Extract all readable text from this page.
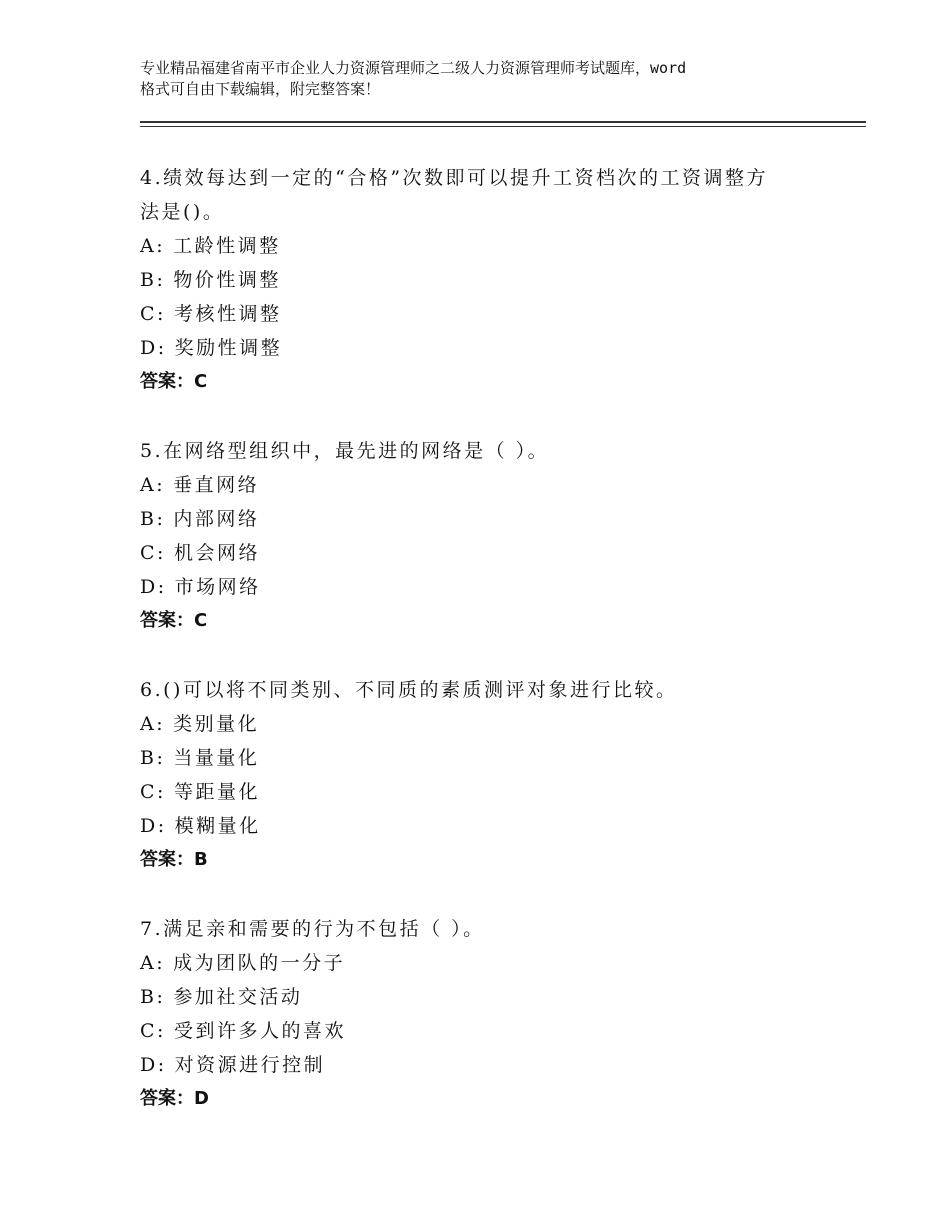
专业精品福建省南平市企业人力资源管理师之二级人力资源管理师考试题库，word
格式可自由下载编辑，附完整答案！
4.绩效每达到一定的“合格”次数即可以提升工资档次的工资调整方
法是()。
A: 工龄性调整
B: 物价性调整
C: 考核性调整
D: 奖励性调整
答案：C
5.在网络型组织中，最先进的网络是（ ）。
A: 垂直网络
B: 内部网络
C: 机会网络
D: 市场网络
答案：C
6.()可以将不同类别、不同质的素质测评对象进行比较。
A: 类别量化
B: 当量量化
C: 等距量化
D: 模糊量化
答案：B
7.满足亲和需要的行为不包括（ ）。
A: 成为团队的一分子
B: 参加社交活动
C: 受到许多人的喜欢
D: 对资源进行控制
答案：D
